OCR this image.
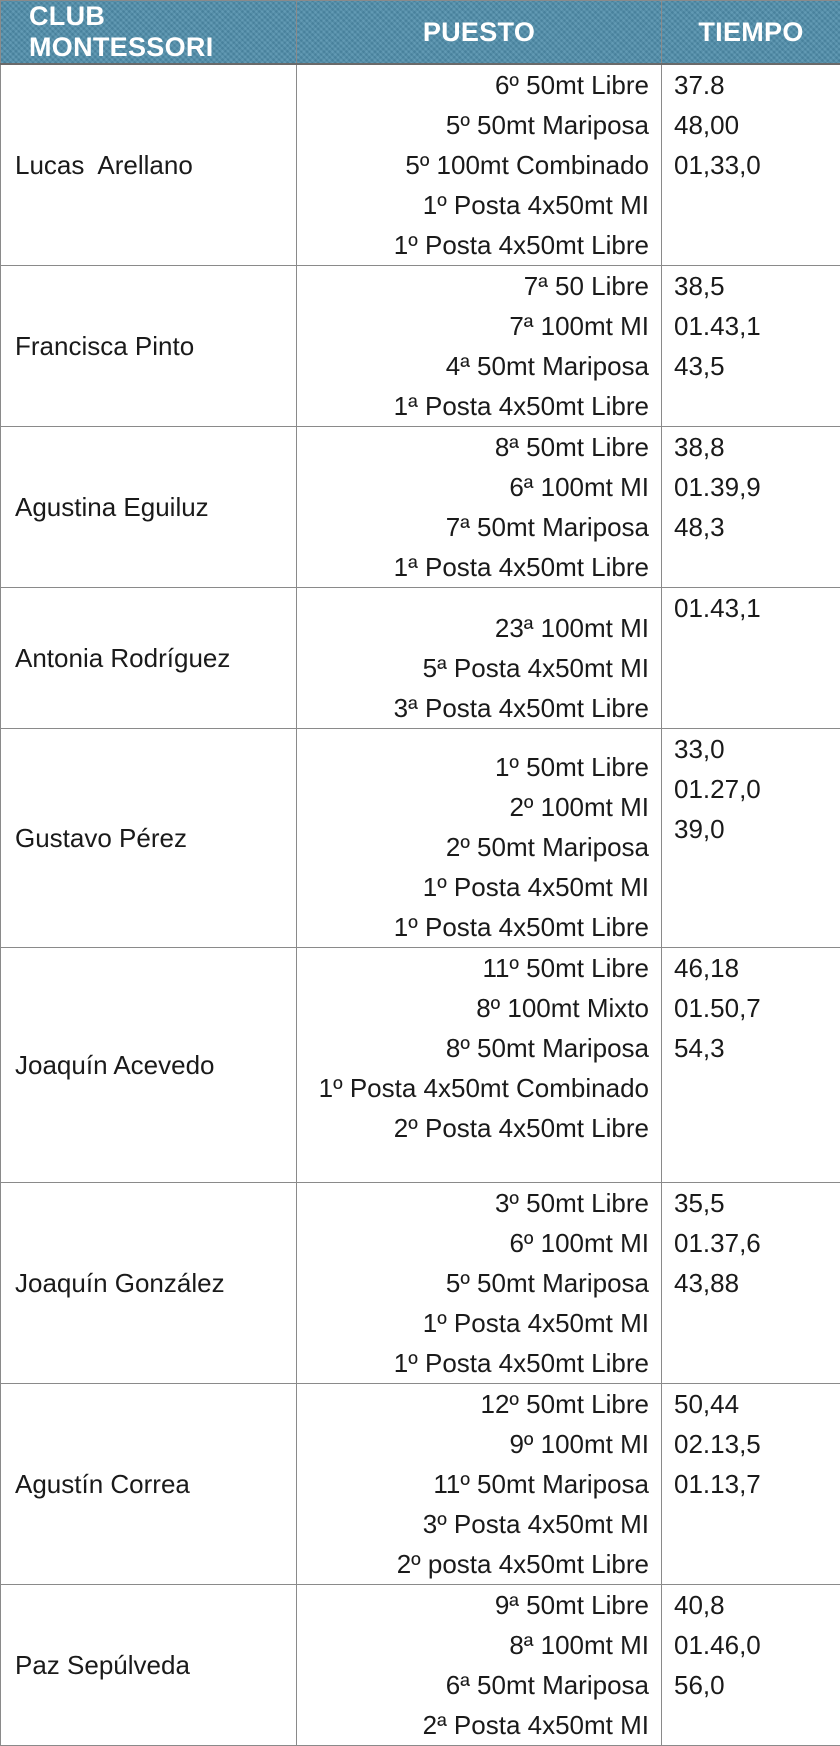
CLUB MONTESSORI	PUESTO	TIEMPO
Lucas  Arellano	6º 50mt Libre
5º 50mt Mariposa
5º 100mt Combinado
1º Posta 4x50mt MI
1º Posta 4x50mt Libre	37.8
48,00
01,33,0

Francisca Pinto	7ª 50 Libre
7ª 100mt MI
4ª 50mt Mariposa
1ª Posta 4x50mt Libre	38,5
01.43,1
43,5

Agustina Eguiluz	8ª 50mt Libre
6ª 100mt MI
7ª 50mt Mariposa
1ª Posta 4x50mt Libre	38,8
01.39,9
48,3

Antonia Rodríguez	23ª 100mt MI
5ª Posta 4x50mt MI
3ª Posta 4x50mt Libre	01.43,1

Gustavo Pérez	1º 50mt Libre
2º 100mt MI
2º 50mt Mariposa
1º Posta 4x50mt MI
1º Posta 4x50mt Libre	33,0
01.27,0
39,0

Joaquín Acevedo	11º 50mt Libre
8º 100mt Mixto
8º 50mt Mariposa
1º Posta 4x50mt Combinado
2º Posta 4x50mt Libre	46,18
01.50,7
54,3

Joaquín González	3º 50mt Libre
6º 100mt MI
5º 50mt Mariposa
1º Posta 4x50mt MI
1º Posta 4x50mt Libre	35,5
01.37,6
43,88

Agustín Correa	12º 50mt Libre
9º 100mt MI
11º 50mt Mariposa
3º Posta 4x50mt MI
2º posta 4x50mt Libre	50,44
02.13,5
01.13,7

Paz Sepúlveda	9ª 50mt Libre
8ª 100mt MI
6ª 50mt Mariposa
2ª Posta 4x50mt MI	40,8
01.46,0
56,0
